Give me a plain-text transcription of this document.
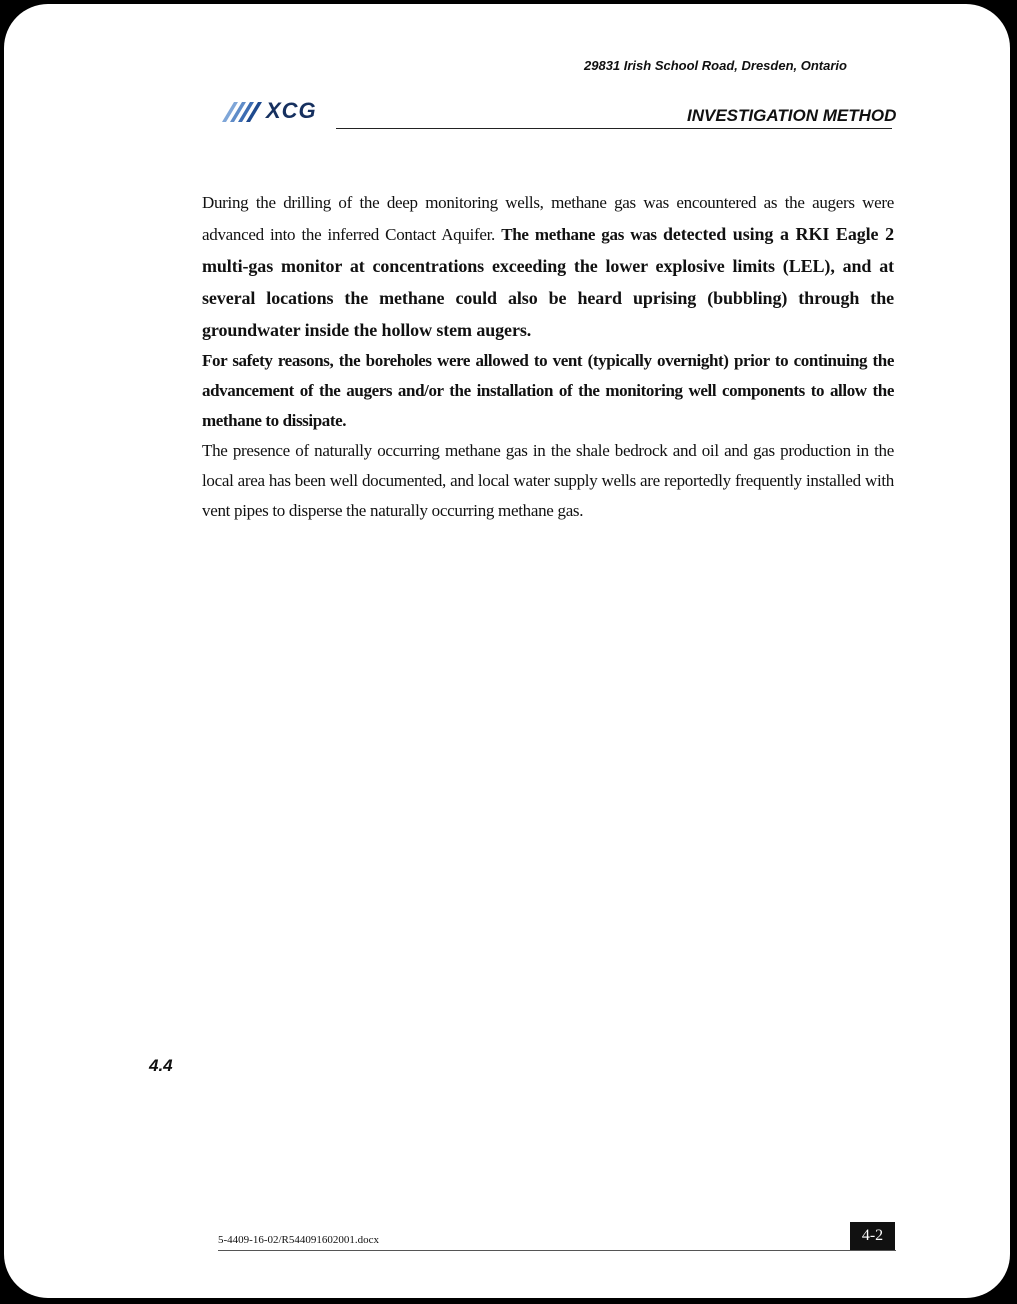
29831 Irish School Road, Dresden, Ontario
XCG	INVESTIGATION METHOD
During the drilling of the deep monitoring wells, methane gas was encountered as the augers were advanced into the inferred Contact Aquifer. The methane gas was detected using a RKI Eagle 2 multi-gas monitor at concentrations exceeding the lower explosive limits (LEL), and at several locations the methane could also be heard uprising (bubbling) through the groundwater inside the hollow stem augers.
For safety reasons, the boreholes were allowed to vent (typically overnight) prior to continuing the advancement of the augers and/or the installation of the monitoring well components to allow the methane to dissipate.
The presence of naturally occurring methane gas in the shale bedrock and oil and gas production in the local area has been well documented, and local water supply wells are reportedly frequently installed with vent pipes to disperse the naturally occurring methane gas.
4.4
5-4409-16-02/R544091602001.docx	4-2
